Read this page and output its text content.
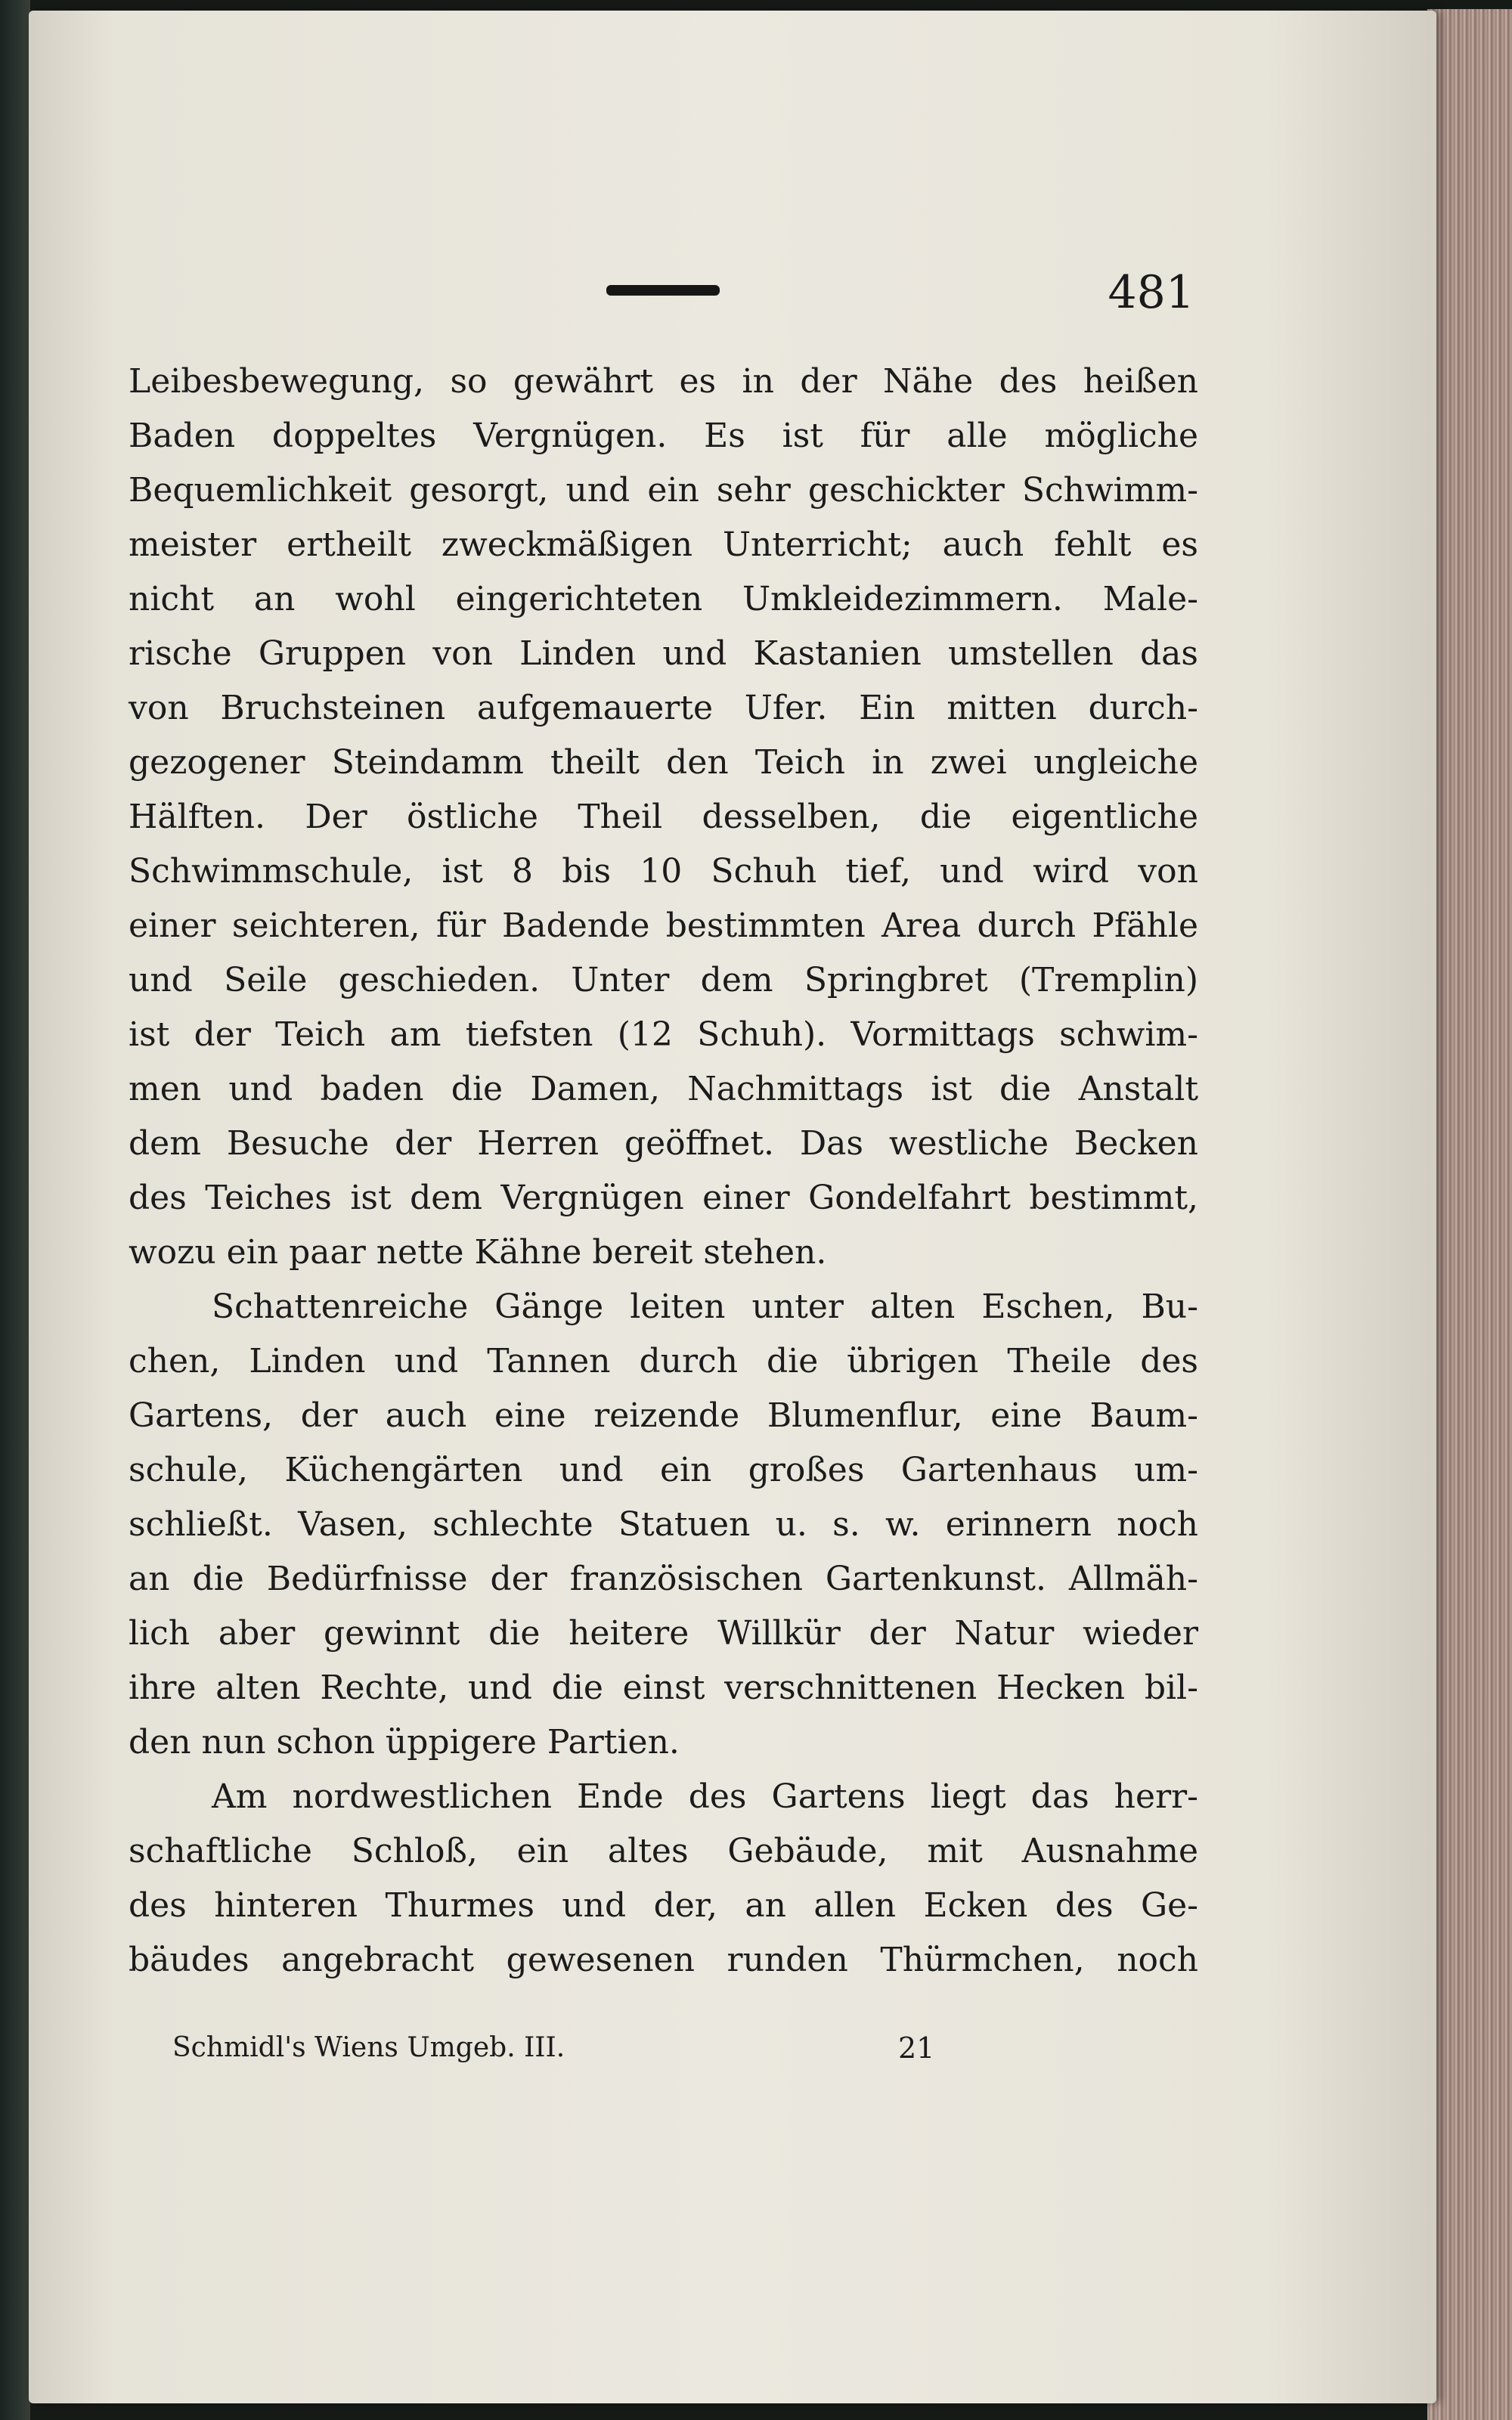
481
Leibesbewegung, so gewährt es in der Nähe des heißen
Baden doppeltes Vergnügen. Es ist für alle mögliche
Bequemlichkeit gesorgt, und ein sehr geschickter Schwimm-
meister ertheilt zweckmäßigen Unterricht; auch fehlt es
nicht an wohl eingerichteten Umkleidezimmern. Male-
rische Gruppen von Linden und Kastanien umstellen das
von Bruchsteinen aufgemauerte Ufer. Ein mitten durch-
gezogener Steindamm theilt den Teich in zwei ungleiche
Hälften. Der östliche Theil desselben, die eigentliche
Schwimmschule, ist 8 bis 10 Schuh tief, und wird von
einer seichteren, für Badende bestimmten Area durch Pfähle
und Seile geschieden. Unter dem Springbret (Tremplin)
ist der Teich am tiefsten (12 Schuh). Vormittags schwim-
men und baden die Damen, Nachmittags ist die Anstalt
dem Besuche der Herren geöffnet. Das westliche Becken
des Teiches ist dem Vergnügen einer Gondelfahrt bestimmt,
wozu ein paar nette Kähne bereit stehen.
Schattenreiche Gänge leiten unter alten Eschen, Bu-
chen, Linden und Tannen durch die übrigen Theile des
Gartens, der auch eine reizende Blumenflur, eine Baum-
schule, Küchengärten und ein großes Gartenhaus um-
schließt. Vasen, schlechte Statuen u. s. w. erinnern noch
an die Bedürfnisse der französischen Gartenkunst. Allmäh-
lich aber gewinnt die heitere Willkür der Natur wieder
ihre alten Rechte, und die einst verschnittenen Hecken bil-
den nun schon üppigere Partien.
Am nordwestlichen Ende des Gartens liegt das herr-
schaftliche Schloß, ein altes Gebäude, mit Ausnahme
des hinteren Thurmes und der, an allen Ecken des Ge-
bäudes angebracht gewesenen runden Thürmchen, noch
Schmidl's Wiens Umgeb. III.	21
